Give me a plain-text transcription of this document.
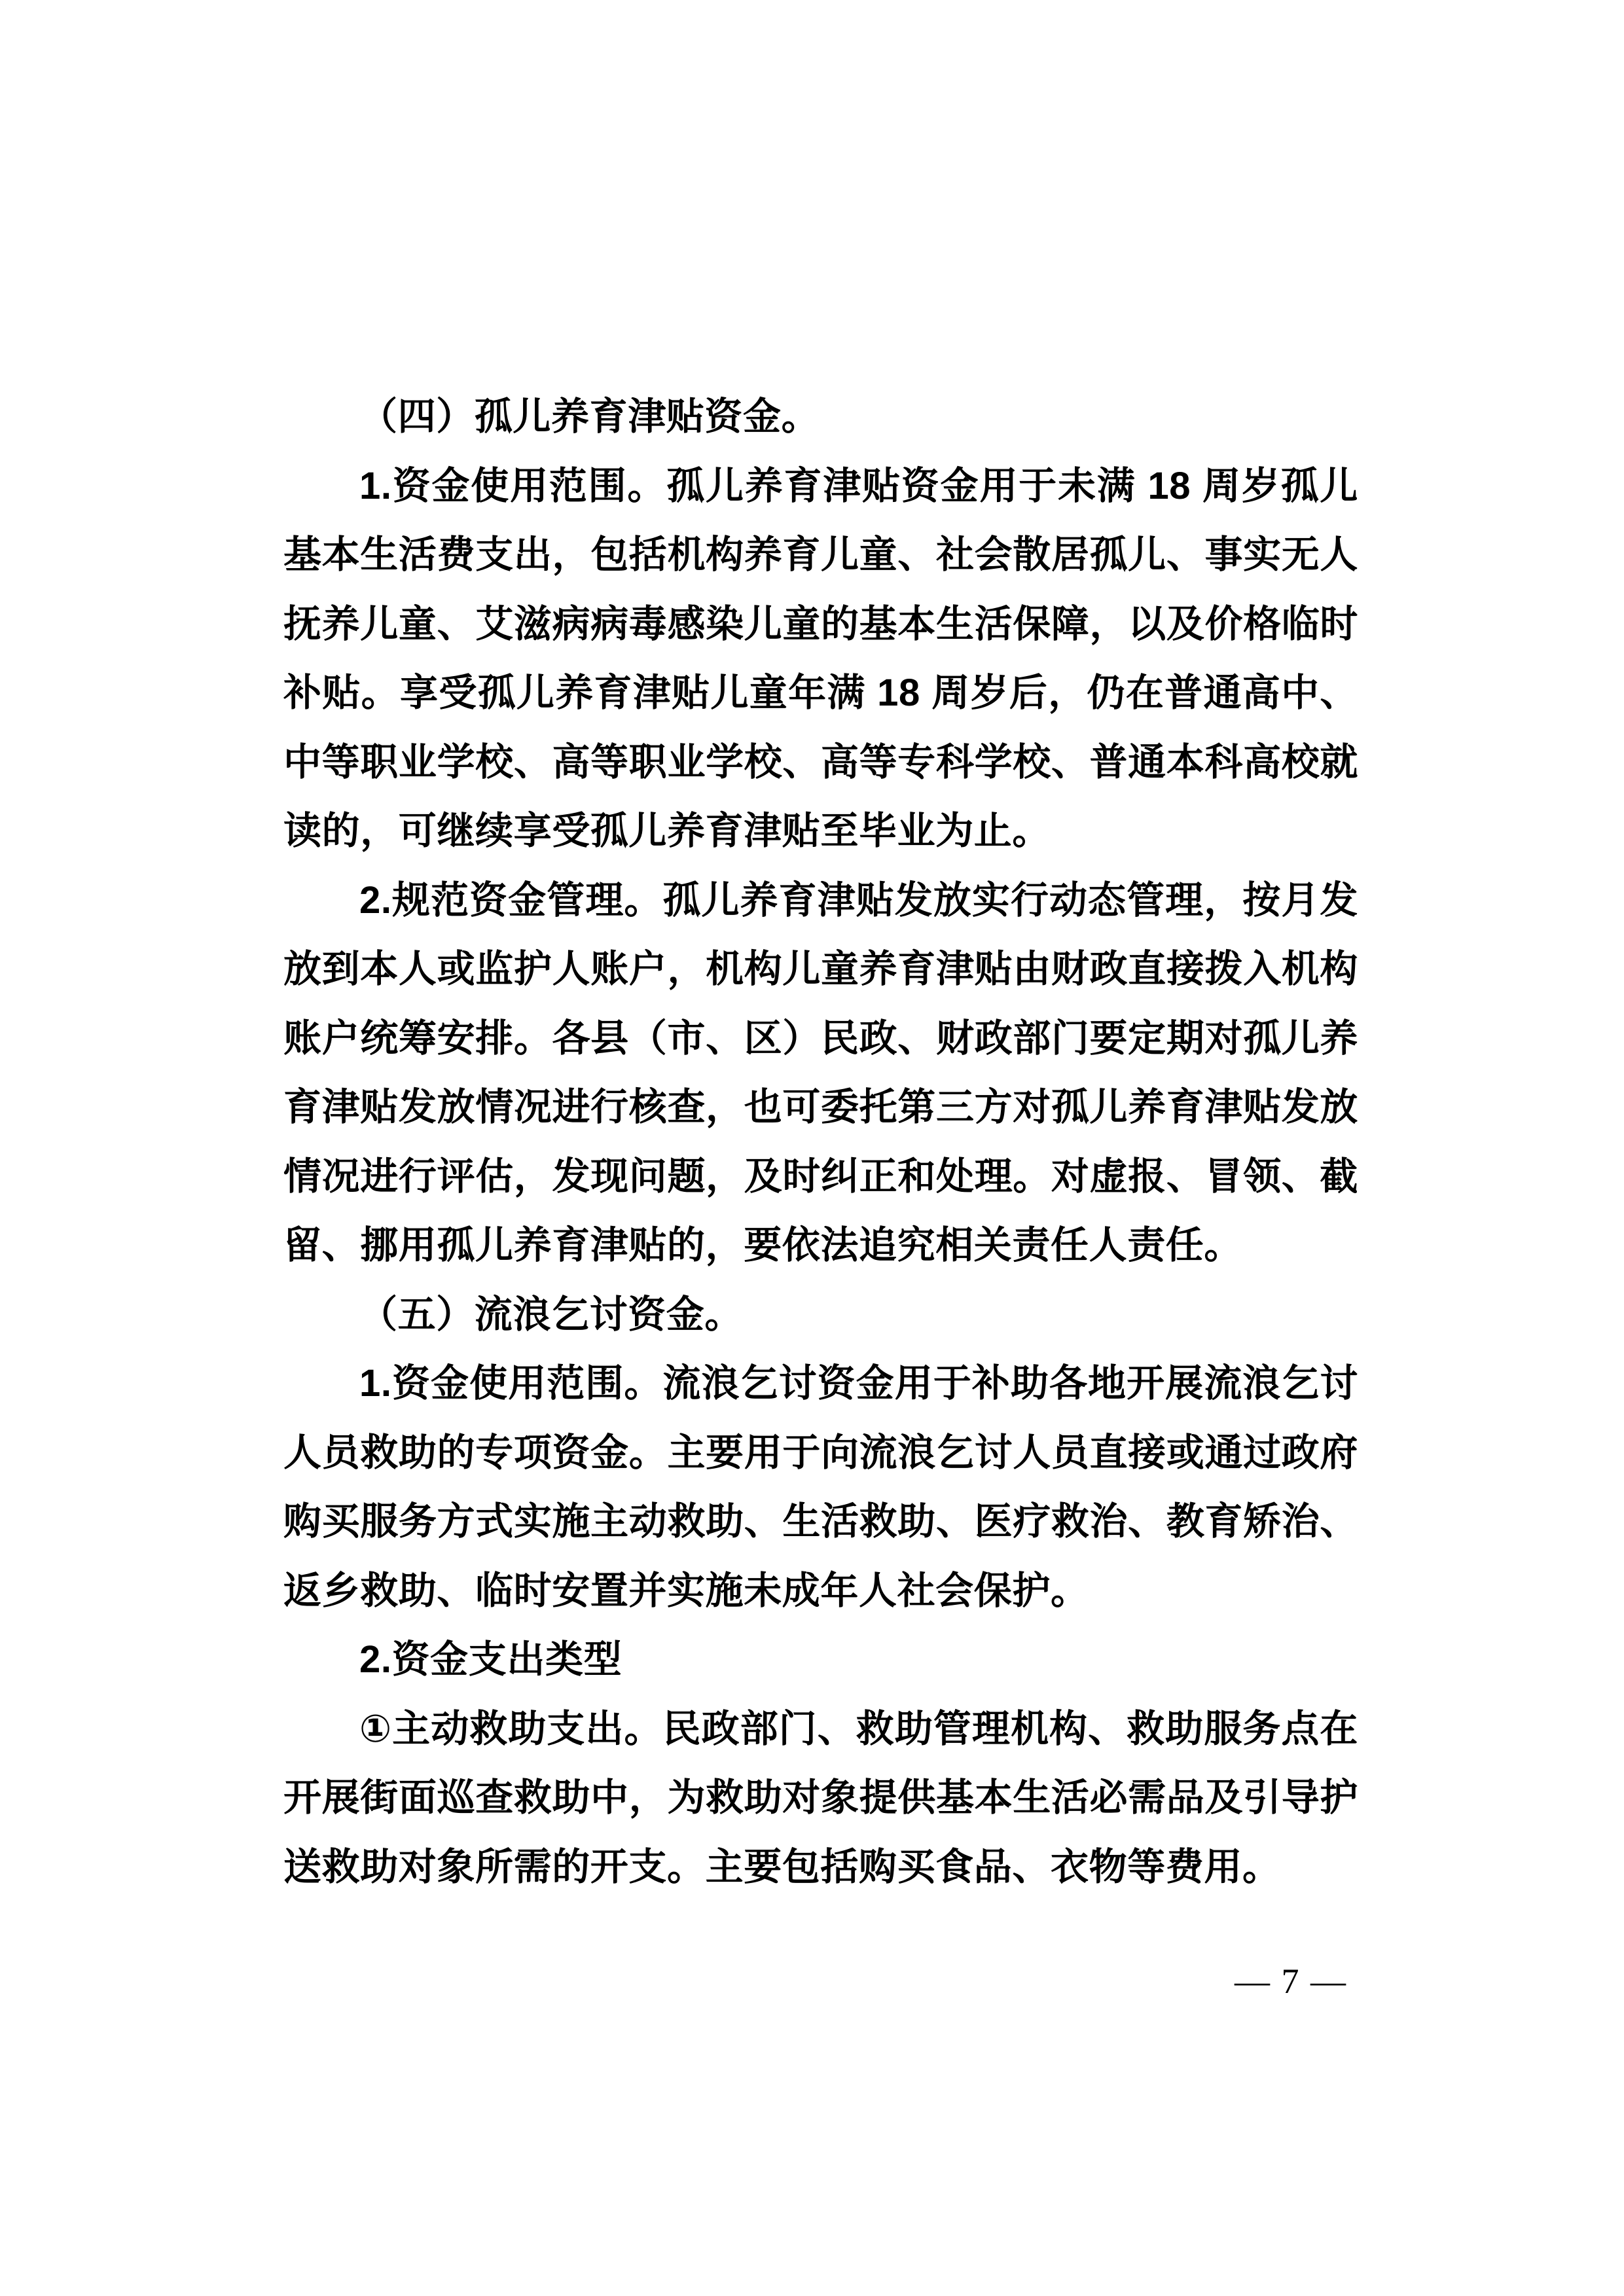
（四）孤儿养育津贴资金。
1.资金使用范围。孤儿养育津贴资金用于未满 18 周岁孤儿
基本生活费支出，包括机构养育儿童、社会散居孤儿、事实无人
抚养儿童、艾滋病病毒感染儿童的基本生活保障，以及价格临时
补贴。享受孤儿养育津贴儿童年满 18 周岁后，仍在普通高中、
中等职业学校、高等职业学校、高等专科学校、普通本科高校就
读的，可继续享受孤儿养育津贴至毕业为止。
2.规范资金管理。孤儿养育津贴发放实行动态管理，按月发
放到本人或监护人账户，机构儿童养育津贴由财政直接拨入机构
账户统筹安排。各县（市、区）民政、财政部门要定期对孤儿养
育津贴发放情况进行核查，也可委托第三方对孤儿养育津贴发放
情况进行评估，发现问题，及时纠正和处理。对虚报、冒领、截
留、挪用孤儿养育津贴的，要依法追究相关责任人责任。
（五）流浪乞讨资金。
1.资金使用范围。流浪乞讨资金用于补助各地开展流浪乞讨
人员救助的专项资金。主要用于向流浪乞讨人员直接或通过政府
购买服务方式实施主动救助、生活救助、医疗救治、教育矫治、
返乡救助、临时安置并实施未成年人社会保护。
2.资金支出类型
①主动救助支出。民政部门、救助管理机构、救助服务点在
开展街面巡查救助中，为救助对象提供基本生活必需品及引导护
送救助对象所需的开支。主要包括购买食品、衣物等费用。
— 7 —
